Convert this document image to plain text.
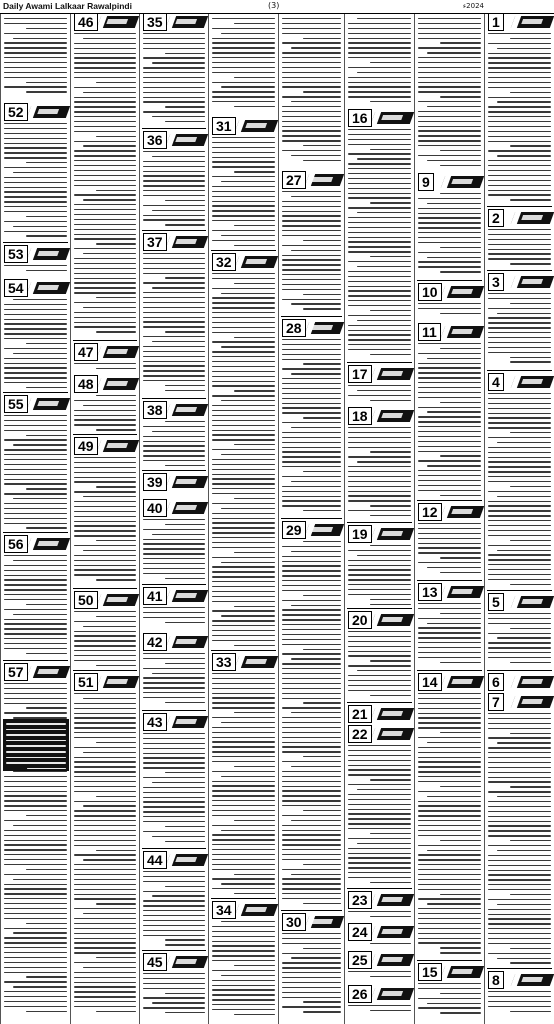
Daily Awami Lalkaar Rawalpindi	(3)	2024ء
1
2
3
4
5
6
7
8
9
10
11
12
13
14
15
16
17
18
19
20
21
22
23
24
25
26
27
28
29
30
31
32
33
34
35
36
37
38
39
40
41
42
43
44
45
46
47
48
49
50
51
52
53
54
55
56
57
